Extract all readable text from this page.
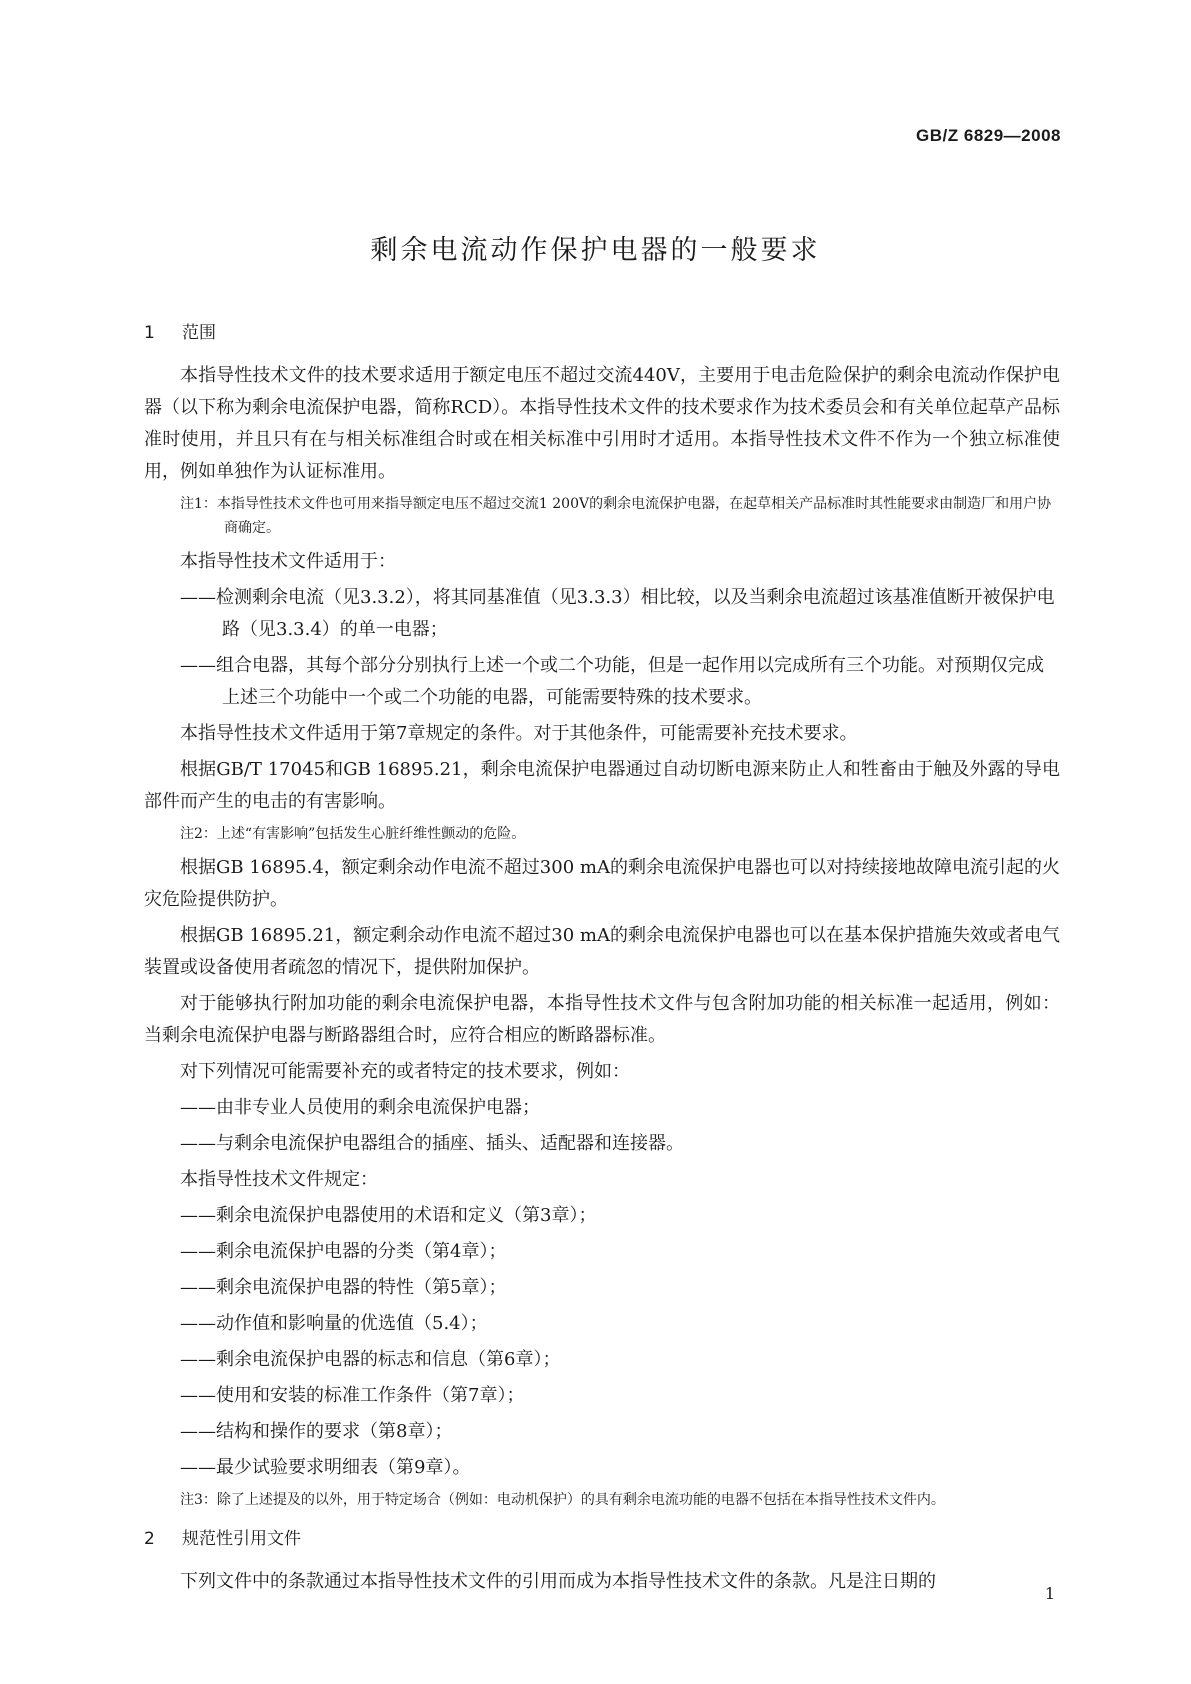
GB/Z 6829—2008
剩余电流动作保护电器的一般要求
1 范围

本指导性技术文件的技术要求适用于额定电压不超过交流440V，主要用于电击危险保护的剩余电流动作保护电器（以下称为剩余电流保护电器，简称RCD）。本指导性技术文件的技术要求作为技术委员会和有关单位起草产品标准时使用，并且只有在与相关标准组合时或在相关标准中引用时才适用。本指导性技术文件不作为一个独立标准使用，例如单独作为认证标准用。

注1：本指导性技术文件也可用来指导额定电压不超过交流1 200V的剩余电流保护电器，在起草相关产品标准时其性能要求由制造厂和用户协商确定。

本指导性技术文件适用于：

——检测剩余电流（见3.3.2），将其同基准值（见3.3.3）相比较，以及当剩余电流超过该基准值断开被保护电路（见3.3.4）的单一电器；
——组合电器，其每个部分分别执行上述一个或二个功能，但是一起作用以完成所有三个功能。对预期仅完成上述三个功能中一个或二个功能的电器，可能需要特殊的技术要求。

本指导性技术文件适用于第7章规定的条件。对于其他条件，可能需要补充技术要求。

根据GB/T 17045和GB 16895.21，剩余电流保护电器通过自动切断电源来防止人和牲畜由于触及外露的导电部件而产生的电击的有害影响。

注2：上述“有害影响”包括发生心脏纤维性颤动的危险。

根据GB 16895.4，额定剩余动作电流不超过300 mA的剩余电流保护电器也可以对持续接地故障电流引起的火灾危险提供防护。

根据GB 16895.21，额定剩余动作电流不超过30 mA的剩余电流保护电器也可以在基本保护措施失效或者电气装置或设备使用者疏忽的情况下，提供附加保护。

对于能够执行附加功能的剩余电流保护电器，本指导性技术文件与包含附加功能的相关标准一起适用，例如：当剩余电流保护电器与断路器组合时，应符合相应的断路器标准。

对下列情况可能需要补充的或者特定的技术要求，例如：

——由非专业人员使用的剩余电流保护电器；
——与剩余电流保护电器组合的插座、插头、适配器和连接器。

本指导性技术文件规定：

——剩余电流保护电器使用的术语和定义（第3章）；
——剩余电流保护电器的分类（第4章）；
——剩余电流保护电器的特性（第5章）；
——动作值和影响量的优选值（5.4）；
——剩余电流保护电器的标志和信息（第6章）；
——使用和安装的标准工作条件（第7章）；
——结构和操作的要求（第8章）；
——最少试验要求明细表（第9章）。

注3：除了上述提及的以外，用于特定场合（例如：电动机保护）的具有剩余电流功能的电器不包括在本指导性技术文件内。

2 规范性引用文件

下列文件中的条款通过本指导性技术文件的引用而成为本指导性技术文件的条款。凡是注日期的

1
